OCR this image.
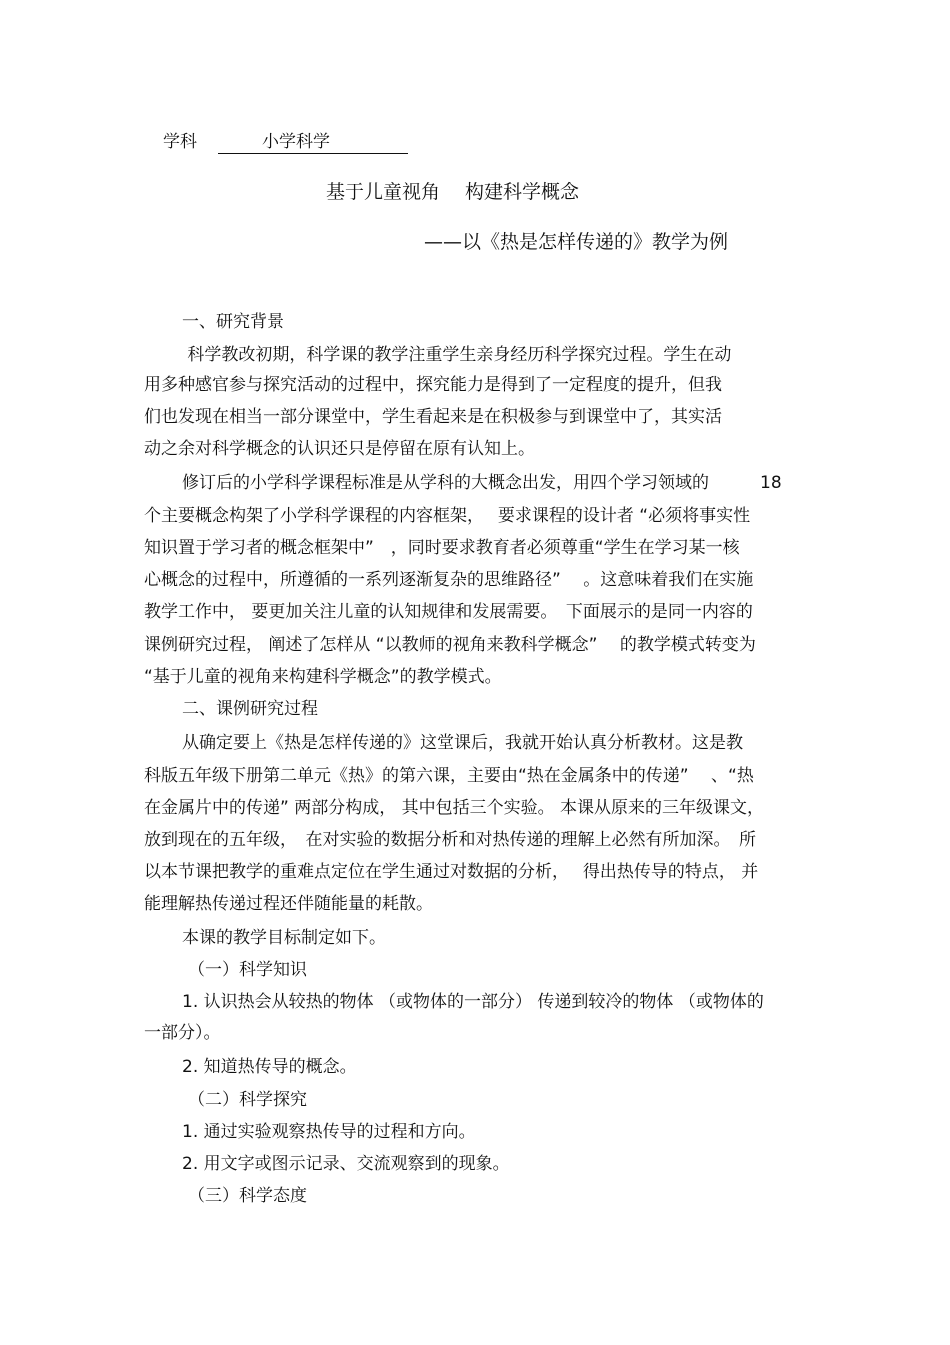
学科	小学科学
基于儿童视角　 构建科学概念
——以《热是怎样传递的》教学为例
一、研究背景
科学教改初期，科学课的教学注重学生亲身经历科学探究过程。学生在动
用多种感官参与探究活动的过程中，探究能力是得到了一定程度的提升，但我
们也发现在相当一部分课堂中，学生看起来是在积极参与到课堂中了，其实活
动之余对科学概念的认识还只是停留在原有认知上。
修订后的小学科学课程标准是从学科的大概念出发，用四个学习领域的　　　18
个主要概念构架了小学科学课程的内容框架，　 要求课程的设计者 “必须将事实性
知识置于学习者的概念框架中”　，同时要求教育者必须尊重“学生在学习某一核
心概念的过程中，所遵循的一系列逐渐复杂的思维路径”　 。这意味着我们在实施
教学工作中， 要更加关注儿童的认知规律和发展需要。　下面展示的是同一内容的
课例研究过程， 阐述了怎样从 “以教师的视角来教科学概念”　 的教学模式转变为
“基于儿童的视角来构建科学概念”的教学模式。
二、课例研究过程
从确定要上《热是怎样传递的》这堂课后，我就开始认真分析教材。这是教
科版五年级下册第二单元《热》的第六课，主要由“热在金属条中的传递”　 、“热
在金属片中的传递” 两部分构成， 其中包括三个实验。 本课从原来的三年级课文，
放到现在的五年级，　在对实验的数据分析和对热传递的理解上必然有所加深。　所
以本节课把教学的重难点定位在学生通过对数据的分析，　 得出热传导的特点， 并
能理解热传递过程还伴随能量的耗散。
本课的教学目标制定如下。
（一）科学知识
1. 认识热会从较热的物体 （或物体的一部分） 传递到较冷的物体 （或物体的
一部分）。
2. 知道热传导的概念。
（二）科学探究
1. 通过实验观察热传导的过程和方向。
2. 用文字或图示记录、交流观察到的现象。
（三）科学态度
